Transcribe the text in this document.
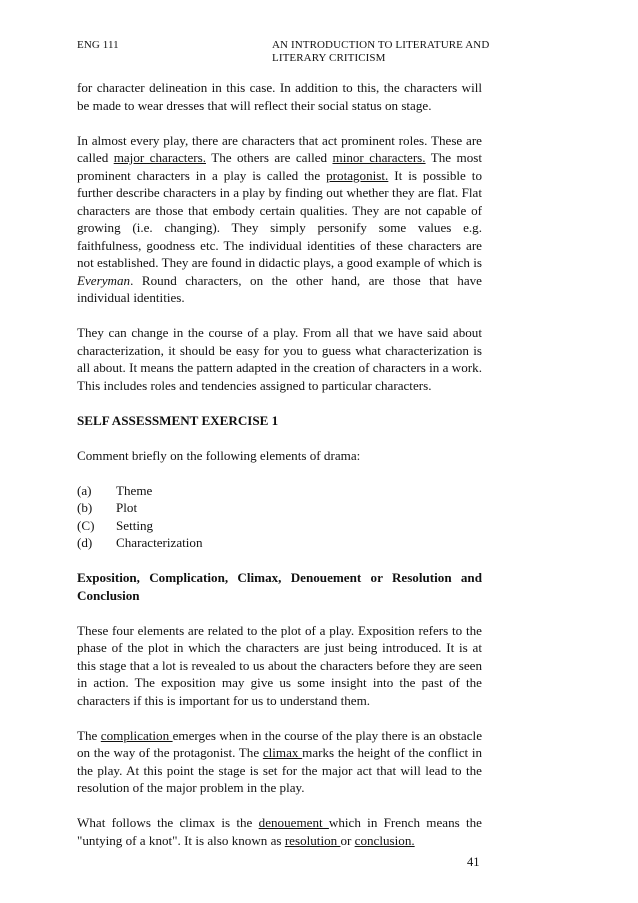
ENG 111	AN INTRODUCTION TO LITERATURE AND
LITERARY CRITICISM

for character delineation in this case. In addition to this, the characters will be made to wear dresses that will reflect their social status on stage.

In almost every play, there are characters that act prominent roles. These are called major characters. The others are called minor characters. The most prominent characters in a play is called the protagonist. It is possible to further describe characters in a play by finding out whether they are flat. Flat characters are those that embody certain qualities. They are not capable of growing (i.e. changing). They simply personify some values e.g. faithfulness, goodness etc. The individual identities of these characters are not established. They are found in didactic plays, a good example of which is Everyman. Round characters, on the other hand, are those that have individual identities.

They can change in the course of a play. From all that we have said about characterization, it should be easy for you to guess what characterization is all about. It means the pattern adapted in the creation of characters in a work. This includes roles and tendencies assigned to particular characters.

SELF ASSESSMENT EXERCISE 1

Comment briefly on the following elements of drama:

(a)	Theme
(b)	Plot
(C)	Setting
(d)	Characterization

Exposition, Complication, Climax, Denouement or Resolution and Conclusion

These four elements are related to the plot of a play. Exposition refers to the phase of the plot in which the characters are just being introduced. It is at this stage that a lot is revealed to us about the characters before they are seen in action. The exposition may give us some insight into the past of the characters if this is important for us to understand them.

The complication emerges when in the course of the play there is an obstacle on the way of the protagonist. The climax marks the height of the conflict in the play. At this point the stage is set for the major act that will lead to the resolution of the major problem in the play.

What follows the climax is the denouement which in French means the "untying of a knot". It is also known as resolution or conclusion.

41
